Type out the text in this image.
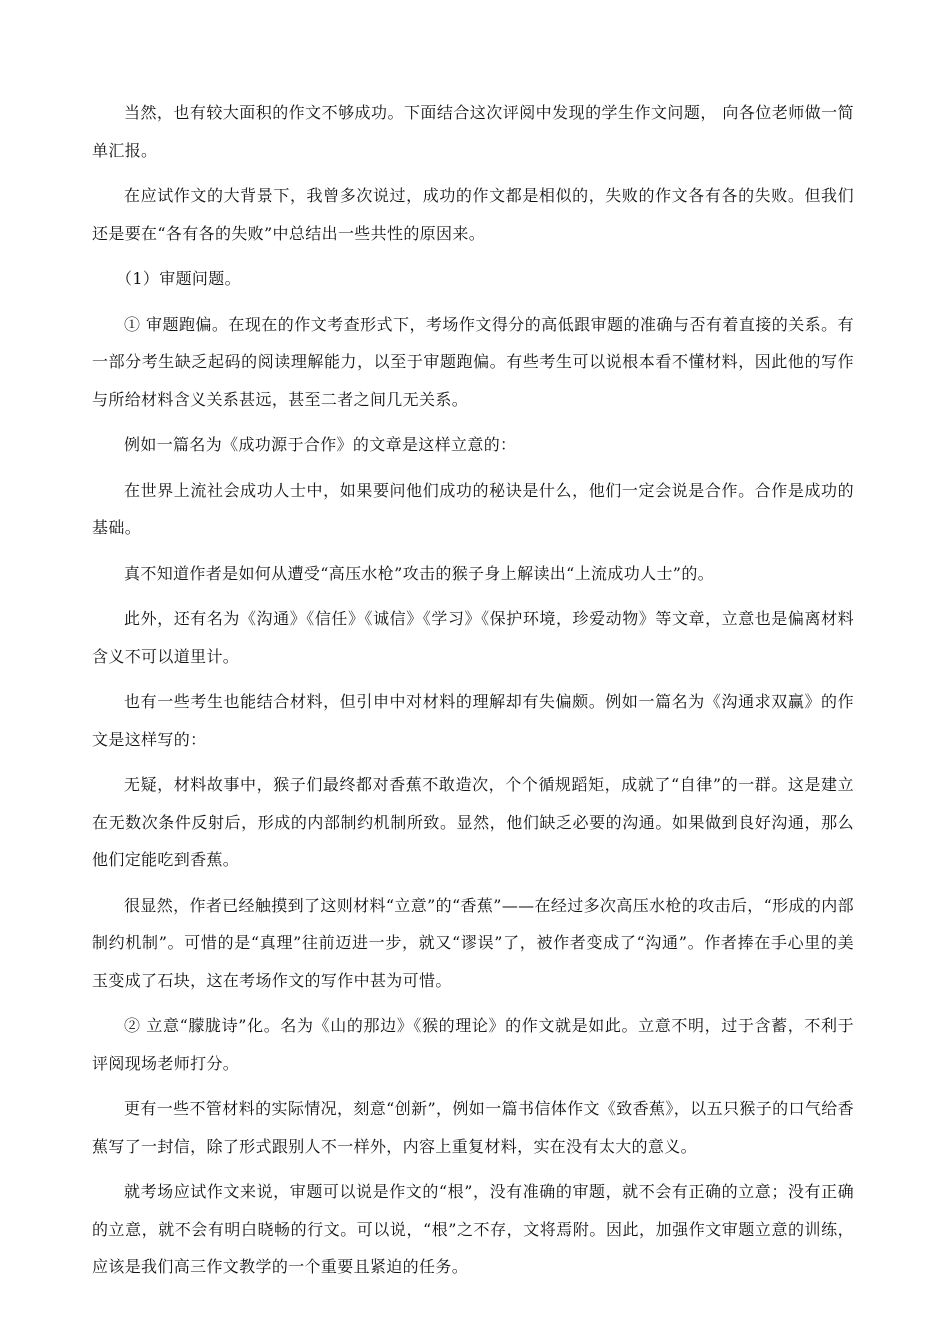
当然，也有较大面积的作文不够成功。下面结合这次评阅中发现的学生作文问题， 向各位老师做一简单汇报。

在应试作文的大背景下，我曾多次说过，成功的作文都是相似的，失败的作文各有各的失败。但我们还是要在“各有各的失败”中总结出一些共性的原因来。

（1）审题问题。

① 审题跑偏。在现在的作文考查形式下，考场作文得分的高低跟审题的准确与否有着直接的关系。有一部分考生缺乏起码的阅读理解能力，以至于审题跑偏。有些考生可以说根本看不懂材料，因此他的写作与所给材料含义关系甚远，甚至二者之间几无关系。

例如一篇名为《成功源于合作》的文章是这样立意的：

在世界上流社会成功人士中，如果要问他们成功的秘诀是什么，他们一定会说是合作。合作是成功的基础。

真不知道作者是如何从遭受“高压水枪”攻击的猴子身上解读出“上流成功人士”的。

此外，还有名为《沟通》《信任》《诚信》《学习》《保护环境，珍爱动物》等文章，立意也是偏离材料含义不可以道里计。

也有一些考生也能结合材料，但引申中对材料的理解却有失偏颇。例如一篇名为《沟通求双赢》的作文是这样写的：

无疑，材料故事中，猴子们最终都对香蕉不敢造次，个个循规蹈矩，成就了“自律”的一群。这是建立在无数次条件反射后，形成的内部制约机制所致。显然，他们缺乏必要的沟通。如果做到良好沟通，那么他们定能吃到香蕉。

很显然，作者已经触摸到了这则材料“立意”的“香蕉”——在经过多次高压水枪的攻击后，“形成的内部制约机制”。可惜的是“真理”往前迈进一步，就又“谬误”了，被作者变成了“沟通”。作者捧在手心里的美玉变成了石块，这在考场作文的写作中甚为可惜。

② 立意“朦胧诗”化。名为《山的那边》《猴的理论》的作文就是如此。立意不明，过于含蓄，不利于评阅现场老师打分。

更有一些不管材料的实际情况，刻意“创新”，例如一篇书信体作文《致香蕉》，以五只猴子的口气给香蕉写了一封信，除了形式跟别人不一样外，内容上重复材料，实在没有太大的意义。

就考场应试作文来说，审题可以说是作文的“根”，没有准确的审题，就不会有正确的立意；没有正确的立意，就不会有明白晓畅的行文。可以说，“根”之不存，文将焉附。因此，加强作文审题立意的训练，应该是我们高三作文教学的一个重要且紧迫的任务。
